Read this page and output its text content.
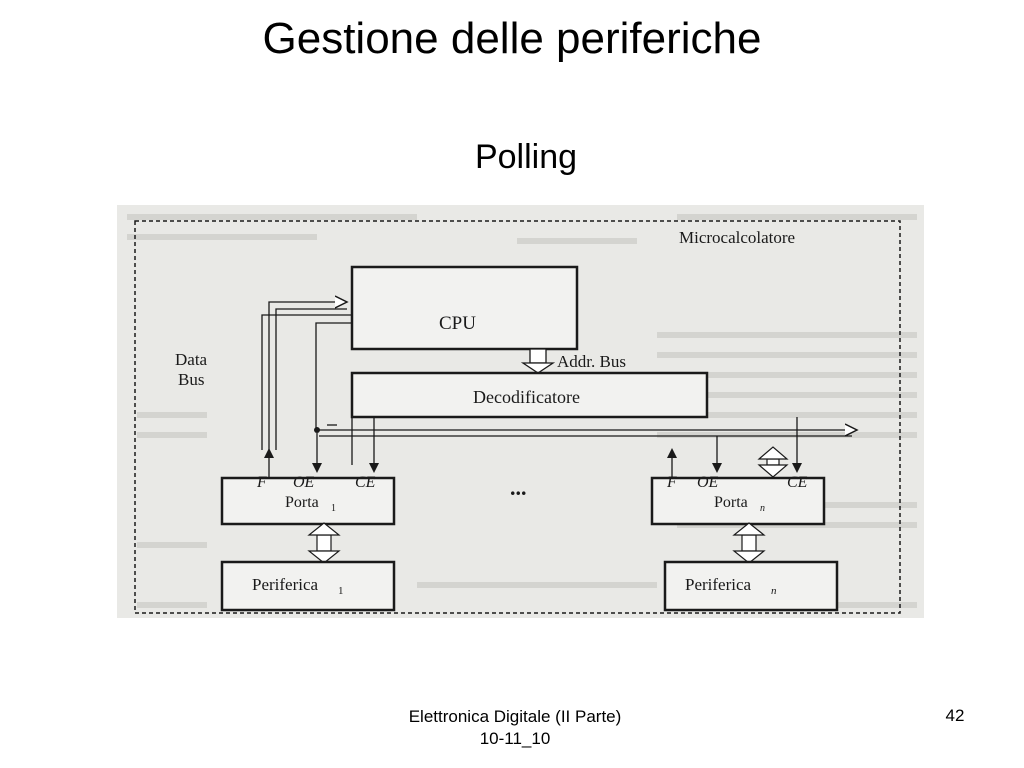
Gestione delle periferiche
Polling
Microcalcolatore
CPU
Addr. Bus
Decodificatore
Data
Bus
F OE	CE
Porta 1
...	F OE	CE
Porta n
Periferica 1	Periferica n
Elettronica Digitale (II Parte)
10-11_10
42
